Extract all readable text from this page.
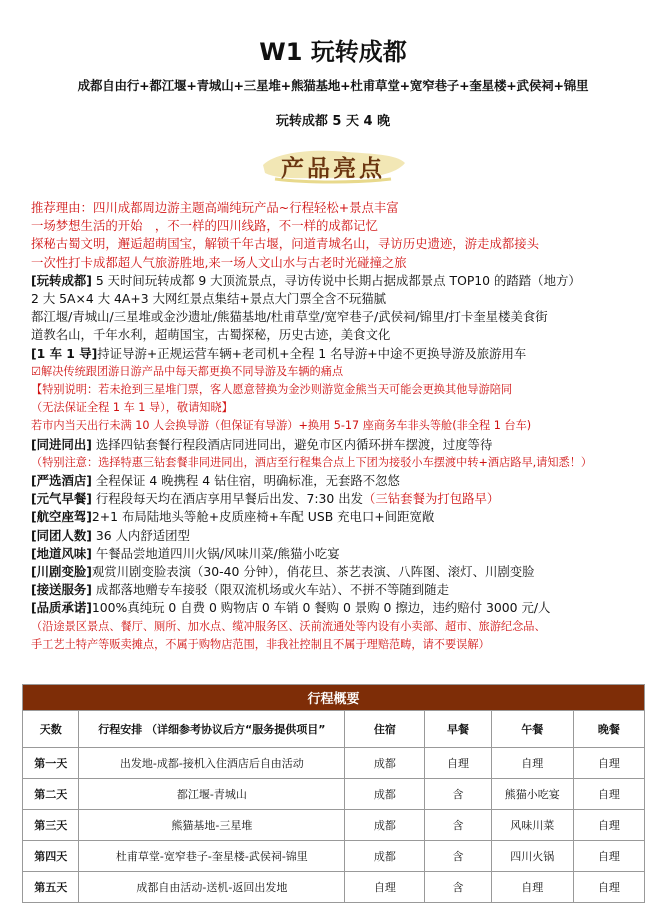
W1 玩转成都
成都自由行+都江堰+青城山+三星堆+熊猫基地+杜甫草堂+宽窄巷子+奎星楼+武侯祠+锦里
玩转成都 5 天 4 晚
产品亮点
推荐理由：四川成都周边游主题高端纯玩产品~行程轻松+景点丰富
一场梦想生活的开始　，不一样的四川线路，不一样的成都记忆
探秘古蜀文明，邂逅超萌国宝，解锁千年古堰，问道青城名山，寻访历史遗迹，游走成都接头
一次性打卡成都超人气旅游胜地,来一场人文山水与古老时光碰撞之旅
[玩转成都] 5 天时间玩转成都 9 大顶流景点，寻访传说中长期占据成都景点 TOP10 的踏踏（地方）
2 大 5A×4 大 4A+3 大网红景点集结+景点大门票全含不玩猫腻
都江堰/青城山/三星堆或金沙遗址/熊猫基地/杜甫草堂/宽窄巷子/武侯祠/锦里/打卡奎星楼美食街
道教名山，千年水利，超萌国宝，古蜀探秘，历史古迹，美食文化
[1 车 1 导]持证导游+正规运营车辆+老司机+全程 1 名导游+中途不更换导游及旅游用车
☑解决传统跟团游日游产品中每天都更换不同导游及车辆的痛点
【特别说明：若未抢到三星堆门票，客人愿意替换为金沙则游览金熊当天可能会更换其他导游陪同
（无法保证全程 1 车 1 导），敬请知晓】
若市内当天出行未满 10 人会换导游（但保证有导游）+换用 5-17 座商务车非头等舱(非全程 1 台车)
[同进同出] 选择四钻套餐行程段酒店同进同出，避免市区内循环拼车摆渡，过度等待
（特别注意：选择特惠三钻套餐非同进同出，酒店至行程集合点上下团为接驳小车摆渡中转+酒店路早,请知悉！）
[严选酒店] 全程保证 4 晚携程 4 钻住宿，明确标准，无套路不忽悠
[元气早餐] 行程段每天均在酒店享用早餐后出发、7:30 出发（三钻套餐为打包路早）
[航空座驾]2+1 布局陆地头等舱+皮质座椅+车配 USB 充电口+间距宽敞
[同团人数] 36 人内舒适团型
[地道风味] 午餐品尝地道四川火锅/风味川菜/熊猫小吃宴
[川剧变脸]观赏川剧变脸表演（30-40 分钟），俏花旦、茶艺表演、八阵图、滚灯、川剧变脸
[接送服务] 成都落地赠专车接驳（限双流机场或火车站）、不拼不等随到随走
[品质承诺]100%真纯玩 0 自费 0 购物店 0 车销 0 餐购 0 景购 0 擦边，违约赔付 3000 元/人
（沿途景区景点、餐厅、厕所、加水点、缆冲服务区、沃前流通处等内设有小卖部、超市、旅游纪念品、
手工艺土特产等贩卖摊点，不属于购物店范围，非我社控制且不属于理赔范畴，请不要误解）
行程概要					
天数	行程安排 （详细参考协议后方“服务提供项目”	住宿	早餐	午餐	晚餐
第一天	出发地-成都-接机入住酒店后自由活动	成都	自理	自理	自理
第二天	都江堰-青城山	成都	含	熊猫小吃宴	自理
第三天	熊猫基地-三星堆	成都	含	风味川菜	自理
第四天	杜甫草堂-宽窄巷子-奎星楼-武侯祠-锦里	成都	含	四川火锅	自理
第五天	成都自由活动-送机-返回出发地	自理	含	自理	自理
